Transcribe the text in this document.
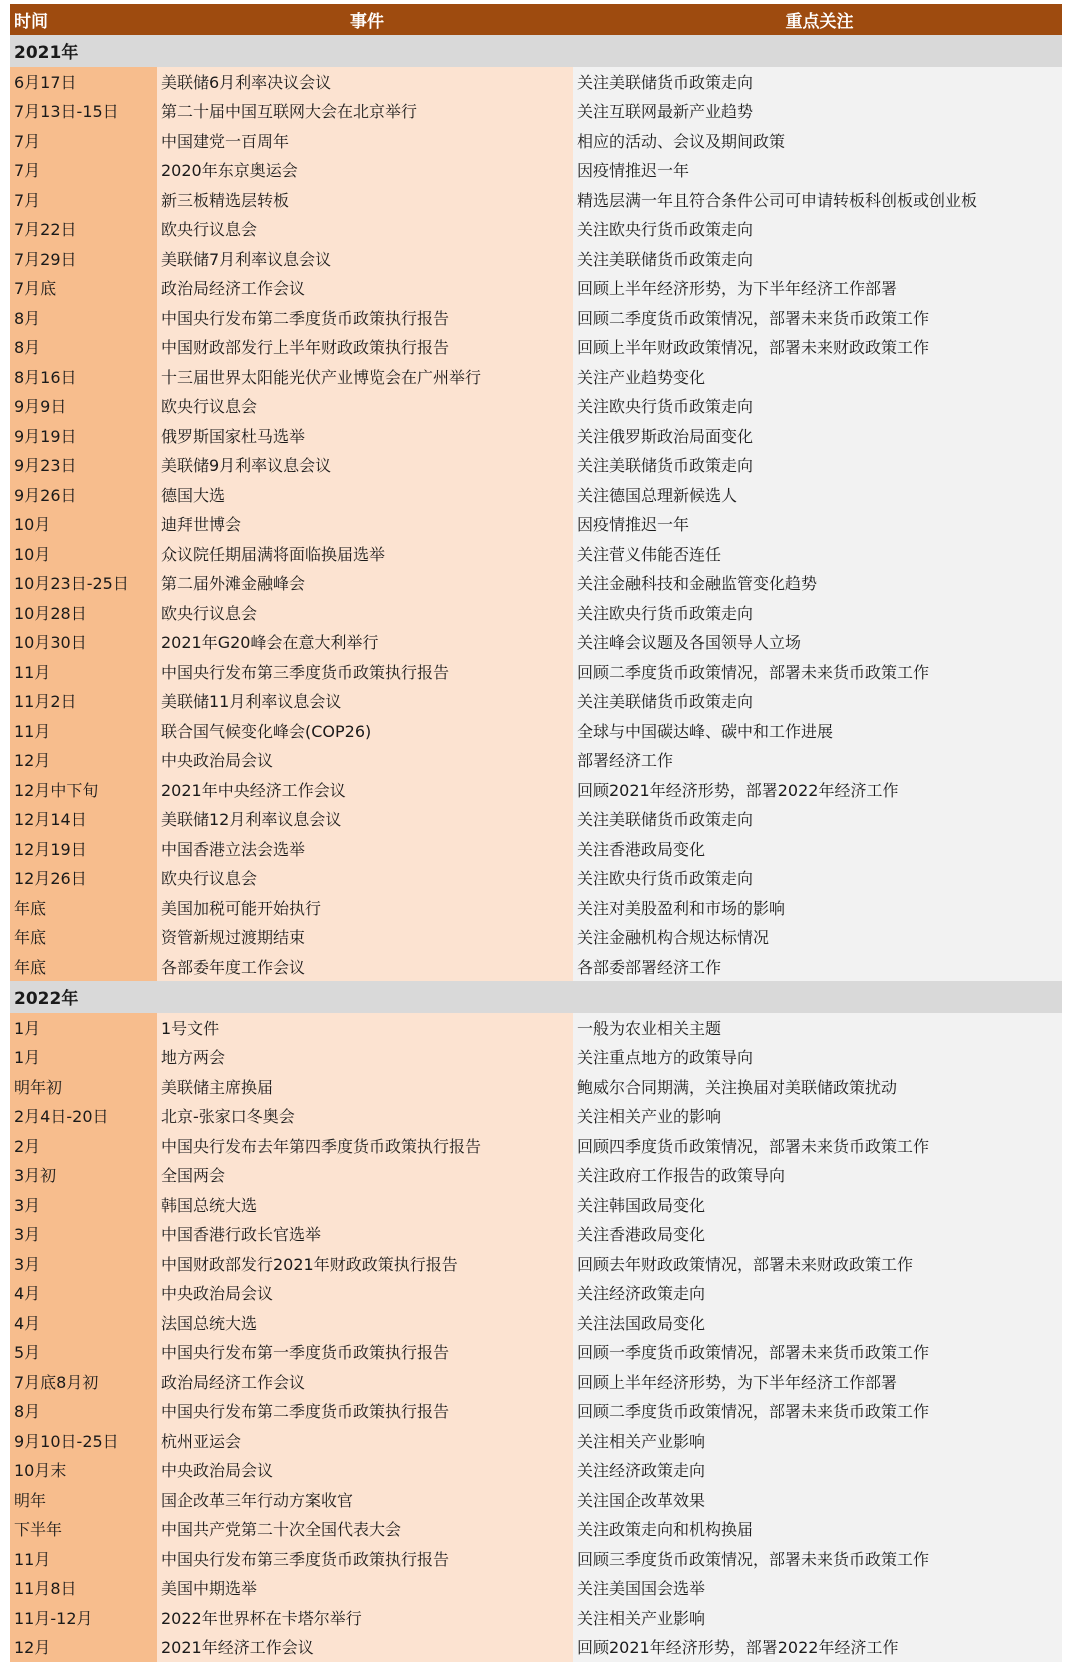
时间	事件	重点关注
2021年
6月17日	美联储6月利率决议会议	关注美联储货币政策走向
7月13日-15日	第二十届中国互联网大会在北京举行	关注互联网最新产业趋势
7月	中国建党一百周年	相应的活动、会议及期间政策
7月	2020年东京奥运会	因疫情推迟一年
7月	新三板精选层转板	精选层满一年且符合条件公司可申请转板科创板或创业板
7月22日	欧央行议息会	关注欧央行货币政策走向
7月29日	美联储7月利率议息会议	关注美联储货币政策走向
7月底	政治局经济工作会议	回顾上半年经济形势，为下半年经济工作部署
8月	中国央行发布第二季度货币政策执行报告	回顾二季度货币政策情况，部署未来货币政策工作
8月	中国财政部发行上半年财政政策执行报告	回顾上半年财政政策情况，部署未来财政政策工作
8月16日	十三届世界太阳能光伏产业博览会在广州举行	关注产业趋势变化
9月9日	欧央行议息会	关注欧央行货币政策走向
9月19日	俄罗斯国家杜马选举	关注俄罗斯政治局面变化
9月23日	美联储9月利率议息会议	关注美联储货币政策走向
9月26日	德国大选	关注德国总理新候选人
10月	迪拜世博会	因疫情推迟一年
10月	众议院任期届满将面临换届选举	关注菅义伟能否连任
10月23日-25日	第二届外滩金融峰会	关注金融科技和金融监管变化趋势
10月28日	欧央行议息会	关注欧央行货币政策走向
10月30日	2021年G20峰会在意大利举行	关注峰会议题及各国领导人立场
11月	中国央行发布第三季度货币政策执行报告	回顾二季度货币政策情况，部署未来货币政策工作
11月2日	美联储11月利率议息会议	关注美联储货币政策走向
11月	联合国气候变化峰会(COP26)	全球与中国碳达峰、碳中和工作进展
12月	中央政治局会议	部署经济工作
12月中下旬	2021年中央经济工作会议	回顾2021年经济形势，部署2022年经济工作
12月14日	美联储12月利率议息会议	关注美联储货币政策走向
12月19日	中国香港立法会选举	关注香港政局变化
12月26日	欧央行议息会	关注欧央行货币政策走向
年底	美国加税可能开始执行	关注对美股盈利和市场的影响
年底	资管新规过渡期结束	关注金融机构合规达标情况
年底	各部委年度工作会议	各部委部署经济工作
2022年
1月	1号文件	一般为农业相关主题
1月	地方两会	关注重点地方的政策导向
明年初	美联储主席换届	鲍威尔合同期满，关注换届对美联储政策扰动
2月4日-20日	北京-张家口冬奥会	关注相关产业的影响
2月	中国央行发布去年第四季度货币政策执行报告	回顾四季度货币政策情况，部署未来货币政策工作
3月初	全国两会	关注政府工作报告的政策导向
3月	韩国总统大选	关注韩国政局变化
3月	中国香港行政长官选举	关注香港政局变化
3月	中国财政部发行2021年财政政策执行报告	回顾去年财政政策情况，部署未来财政政策工作
4月	中央政治局会议	关注经济政策走向
4月	法国总统大选	关注法国政局变化
5月	中国央行发布第一季度货币政策执行报告	回顾一季度货币政策情况，部署未来货币政策工作
7月底8月初	政治局经济工作会议	回顾上半年经济形势，为下半年经济工作部署
8月	中国央行发布第二季度货币政策执行报告	回顾二季度货币政策情况，部署未来货币政策工作
9月10日-25日	杭州亚运会	关注相关产业影响
10月末	中央政治局会议	关注经济政策走向
明年	国企改革三年行动方案收官	关注国企改革效果
下半年	中国共产党第二十次全国代表大会	关注政策走向和机构换届
11月	中国央行发布第三季度货币政策执行报告	回顾三季度货币政策情况，部署未来货币政策工作
11月8日	美国中期选举	关注美国国会选举
11月-12月	2022年世界杯在卡塔尔举行	关注相关产业影响
12月	2021年经济工作会议	回顾2021年经济形势，部署2022年经济工作
